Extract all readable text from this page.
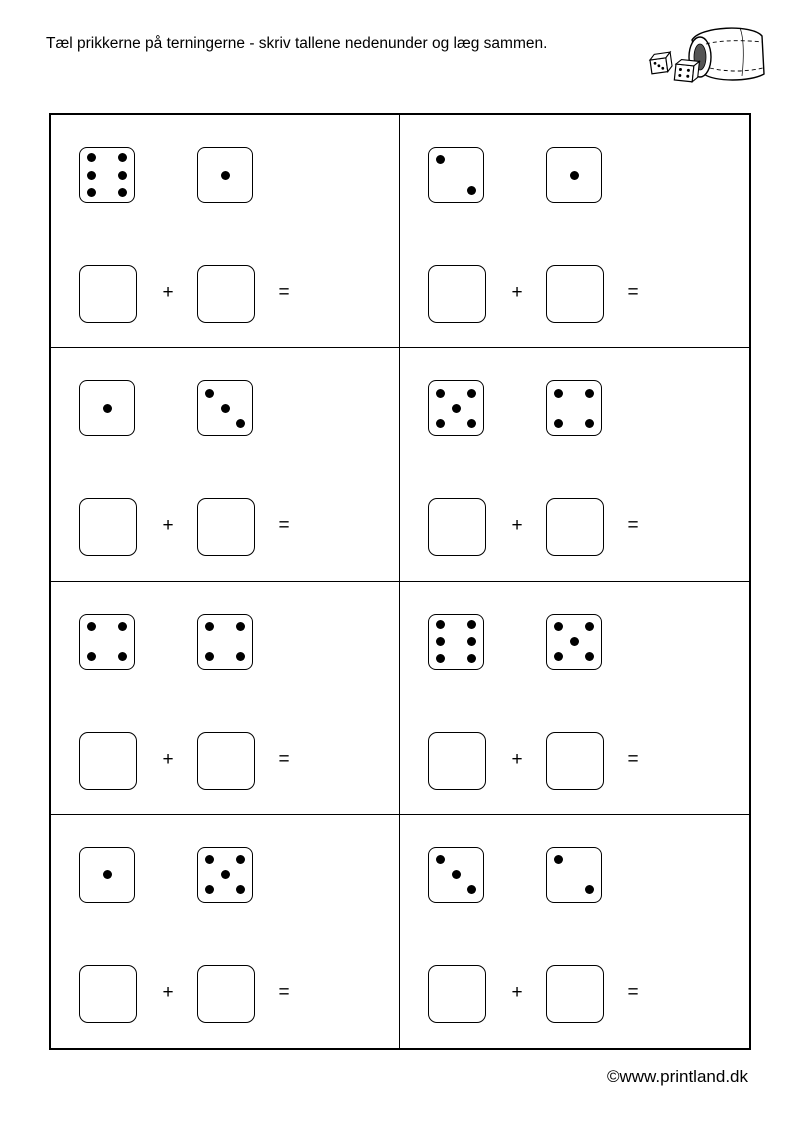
Tæl prikkerne på terningerne - skriv tallene nedenunder og læg sammen.
+	=	+	=
+	=	+	=
+	=	+	=
+	=	+	=
©www.printland.dk
